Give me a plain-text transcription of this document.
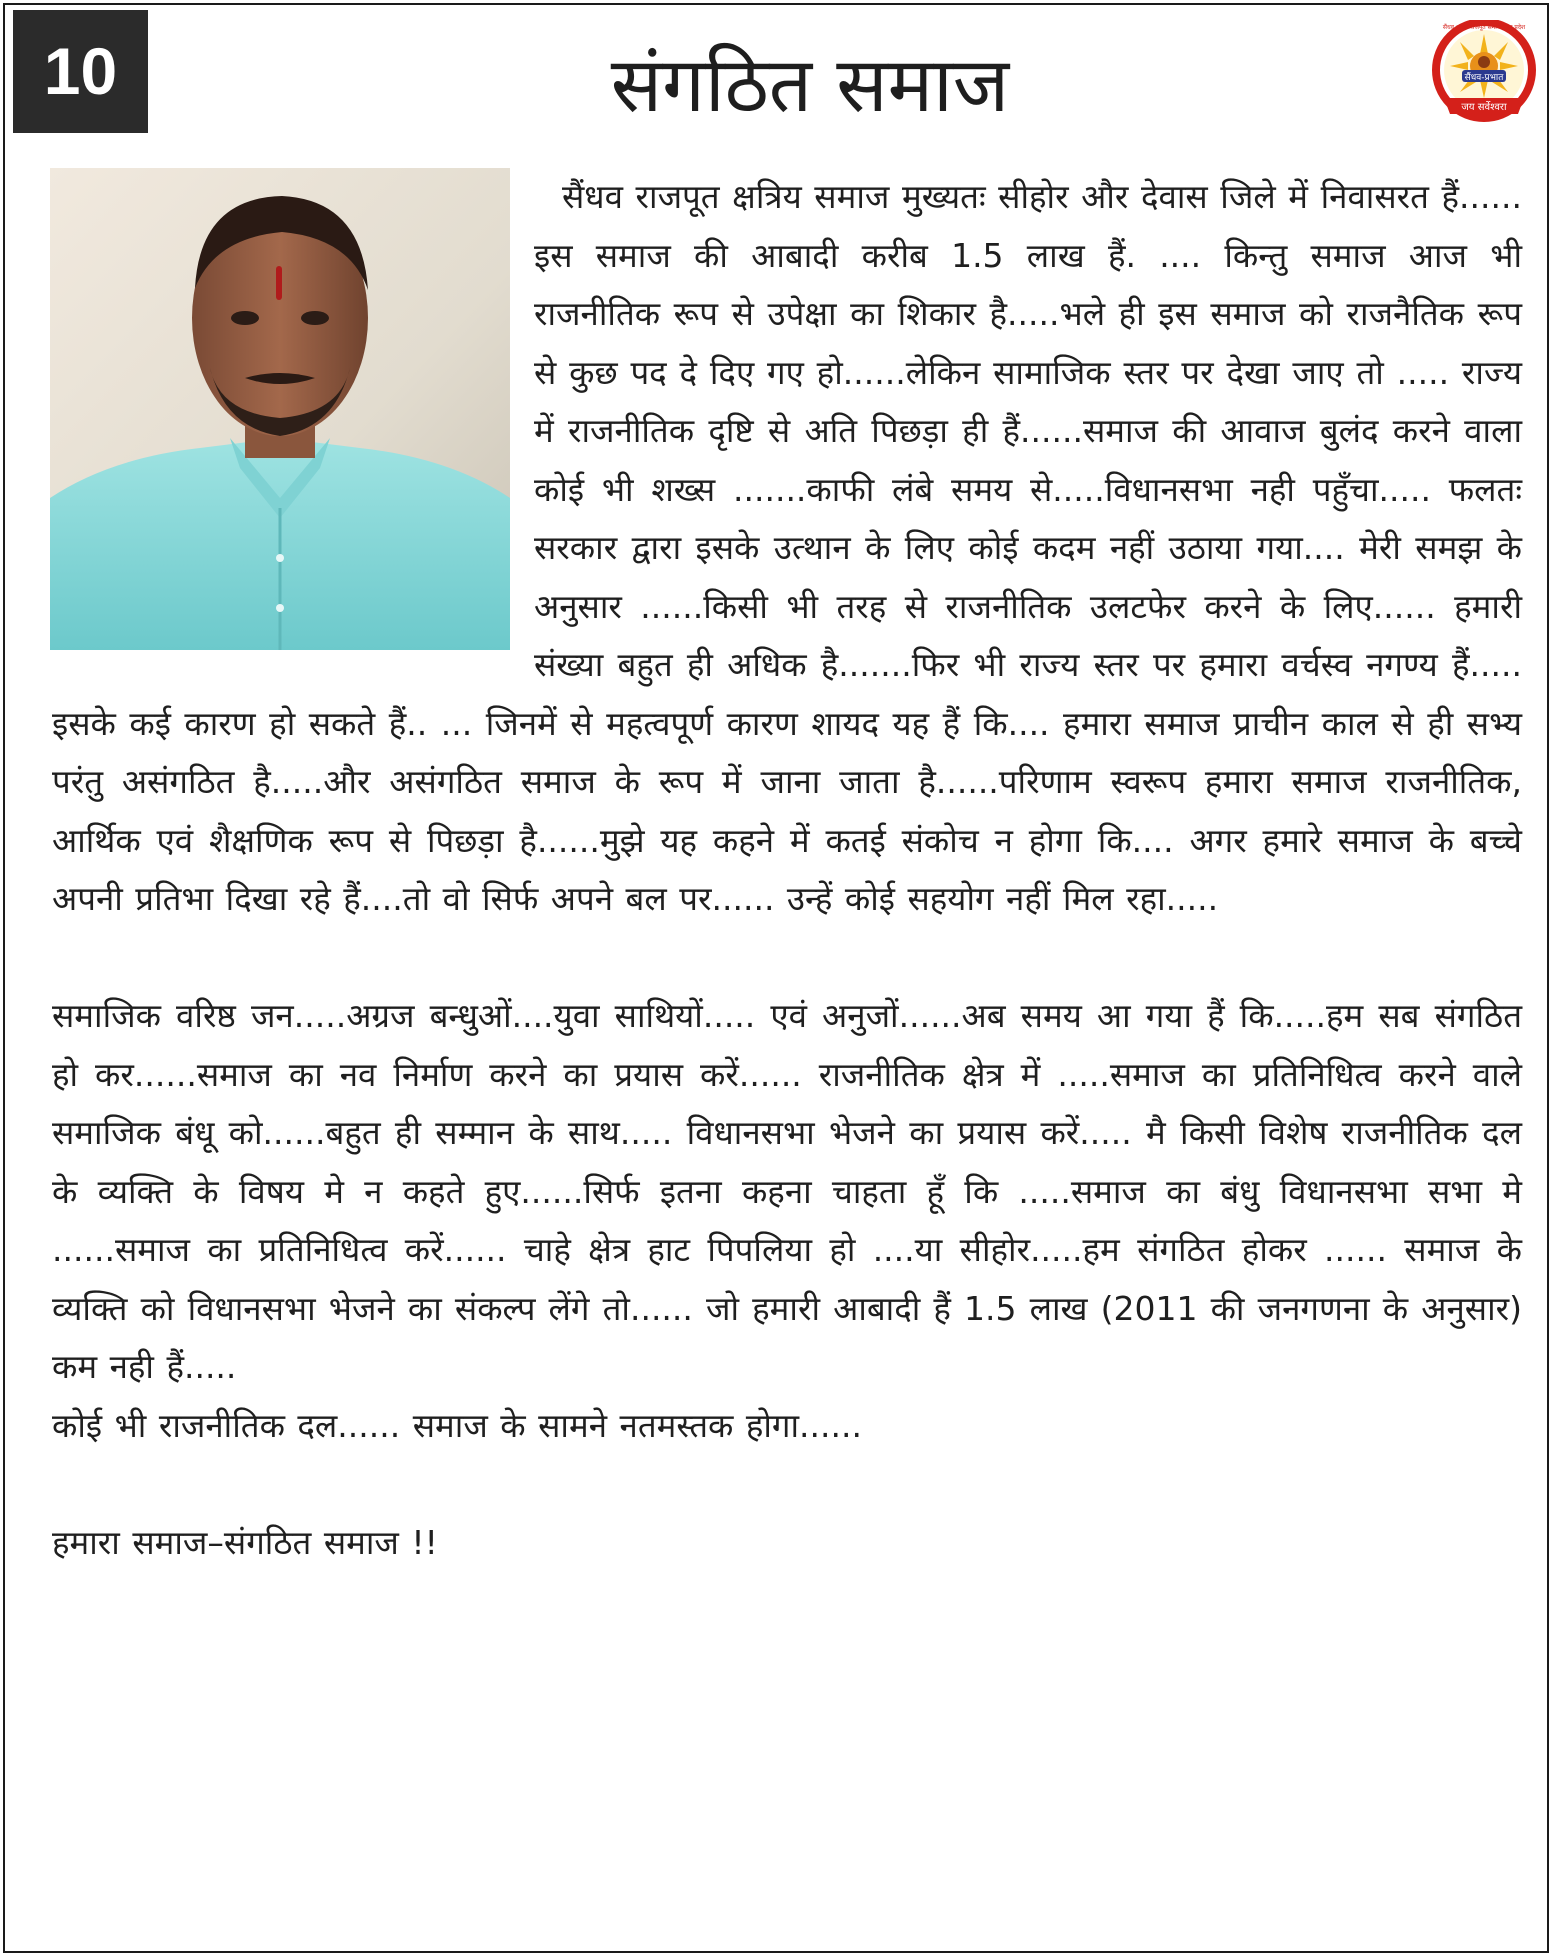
10	संगठित समाज	सैंधव-प्रभात
जय सर्वेश्वरा
सैंधव क्षत्रिय राजपूत समाज मध्य प्रदेश

सैंधव राजपूत क्षत्रिय समाज मुख्यतः सीहोर और देवास जिले में निवासरत हैं...... इस समाज की आबादी करीब 1.5 लाख हैं. .... किन्तु समाज आज भी राजनीतिक रूप से उपेक्षा का शिकार है.....भले ही इस समाज को राजनैतिक रूप से कुछ पद दे दिए गए हो......लेकिन सामाजिक स्तर पर देखा जाए तो ..... राज्य में राजनीतिक दृष्टि से अति पिछड़ा ही हैं......समाज की आवाज बुलंद करने वाला कोई भी शख्स .......काफी लंबे समय से.....विधानसभा नही पहुँचा..... फलतः सरकार द्वारा इसके उत्थान के लिए कोई कदम नहीं उठाया गया.... मेरी समझ के अनुसार ......किसी भी तरह से राजनीतिक उलटफेर करने के लिए...... हमारी संख्या बहुत ही अधिक है.......फिर भी राज्य स्तर पर हमारा वर्चस्व नगण्य हैं..... इसके कई कारण हो सकते हैं.. ... जिनमें से महत्वपूर्ण कारण शायद यह हैं कि.... हमारा समाज प्राचीन काल से ही सभ्य परंतु असंगठित है.....और असंगठित समाज के रूप में जाना जाता है......परिणाम स्वरूप हमारा समाज राजनीतिक, आर्थिक एवं शैक्षणिक रूप से पिछड़ा है......मुझे यह कहने में कतई संकोच न होगा कि.... अगर हमारे समाज के बच्चे अपनी प्रतिभा दिखा रहे हैं....तो वो सिर्फ अपने बल पर...... उन्हें कोई सहयोग नहीं मिल रहा.....

समाजिक वरिष्ठ जन.....अग्रज बन्धुओं....युवा साथियों..... एवं अनुजों......अब समय आ गया हैं कि.....हम सब संगठित हो कर......समाज का नव निर्माण करने का प्रयास करें...... राजनीतिक क्षेत्र में .....समाज का प्रतिनिधित्व करने वाले समाजिक बंधू को......बहुत ही सम्मान के साथ..... विधानसभा भेजने का प्रयास करें..... मै किसी विशेष राजनीतिक दल के व्यक्ति के विषय मे न कहते हुए......सिर्फ इतना कहना चाहता हूँ कि .....समाज का बंधु विधानसभा सभा मे ......समाज का प्रतिनिधित्व करें...... चाहे क्षेत्र हाट पिपलिया हो ....या सीहोर.....हम संगठित होकर ...... समाज के व्यक्ति को विधानसभा भेजने का संकल्प लेंगे तो...... जो हमारी आबादी हैं 1.5 लाख (2011 की जनगणना के अनुसार) कम नही हैं.....

कोई भी राजनीतिक दल...... समाज के सामने नतमस्तक होगा......

हमारा समाज–संगठित समाज !!
